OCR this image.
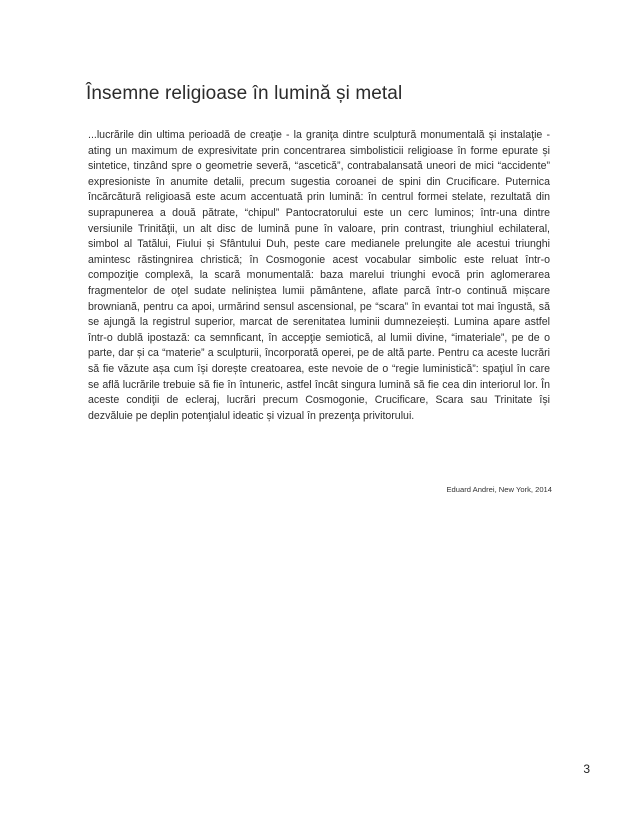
Însemne religioase în lumină și metal

...lucrările din ultima perioadă de creaţie - la graniţa dintre sculptură monumentală și instalaţie - ating un maximum de expresivitate prin concentrarea simbolisticii religioase în forme epurate și sintetice, tinzând spre o geometrie severă, “ascetică”, contrabalansată uneori de mici “accidente” expresioniste în anumite detalii, precum sugestia coroanei de spini din Crucificare. Puternica încărcătură religioasă este acum accentuată prin lumină: în centrul formei stelate, rezultată din suprapunerea a două pătrate, “chipul” Pantocratorului este un cerc luminos; într-una dintre versiunile Trinităţii, un alt disc de lumină pune în valoare, prin contrast, triunghiul echilateral, simbol al Tatălui, Fiului și Sfântului Duh, peste care medianele prelungite ale acestui triunghi amintesc răstingnirea christică; în Cosmogonie acest vocabular simbolic este reluat într-o compoziţie complexă, la scară monumentală: baza marelui triunghi evocă prin aglomerarea fragmentelor de oţel sudate neliniștea lumii pământene, aflate parcă într-o continuă mișcare browniană, pentru ca apoi, urmărind sensul ascensional, pe “scara” în evantai tot mai îngustă, să se ajungă la registrul superior, marcat de serenitatea luminii dumnezeiești. Lumina apare astfel într-o dublă ipostază: ca semnficant, în accepţie semiotică, al lumii divine, “imateriale”, pe de o parte, dar și ca “materie” a sculpturii, încorporată operei, pe de altă parte. Pentru ca aceste lucrări să fie văzute așa cum își dorește creatoarea, este nevoie de o “regie luministică”: spaţiul în care se află lucrările trebuie să fie în întuneric, astfel încât singura lumină să fie cea din interiorul lor. În aceste condiţii de ecleraj, lucrări precum Cosmogonie, Crucificare, Scara sau Trinitate își dezvăluie pe deplin potenţialul ideatic și vizual în prezenţa privitorului.

Eduard Andrei, New York, 2014
3
